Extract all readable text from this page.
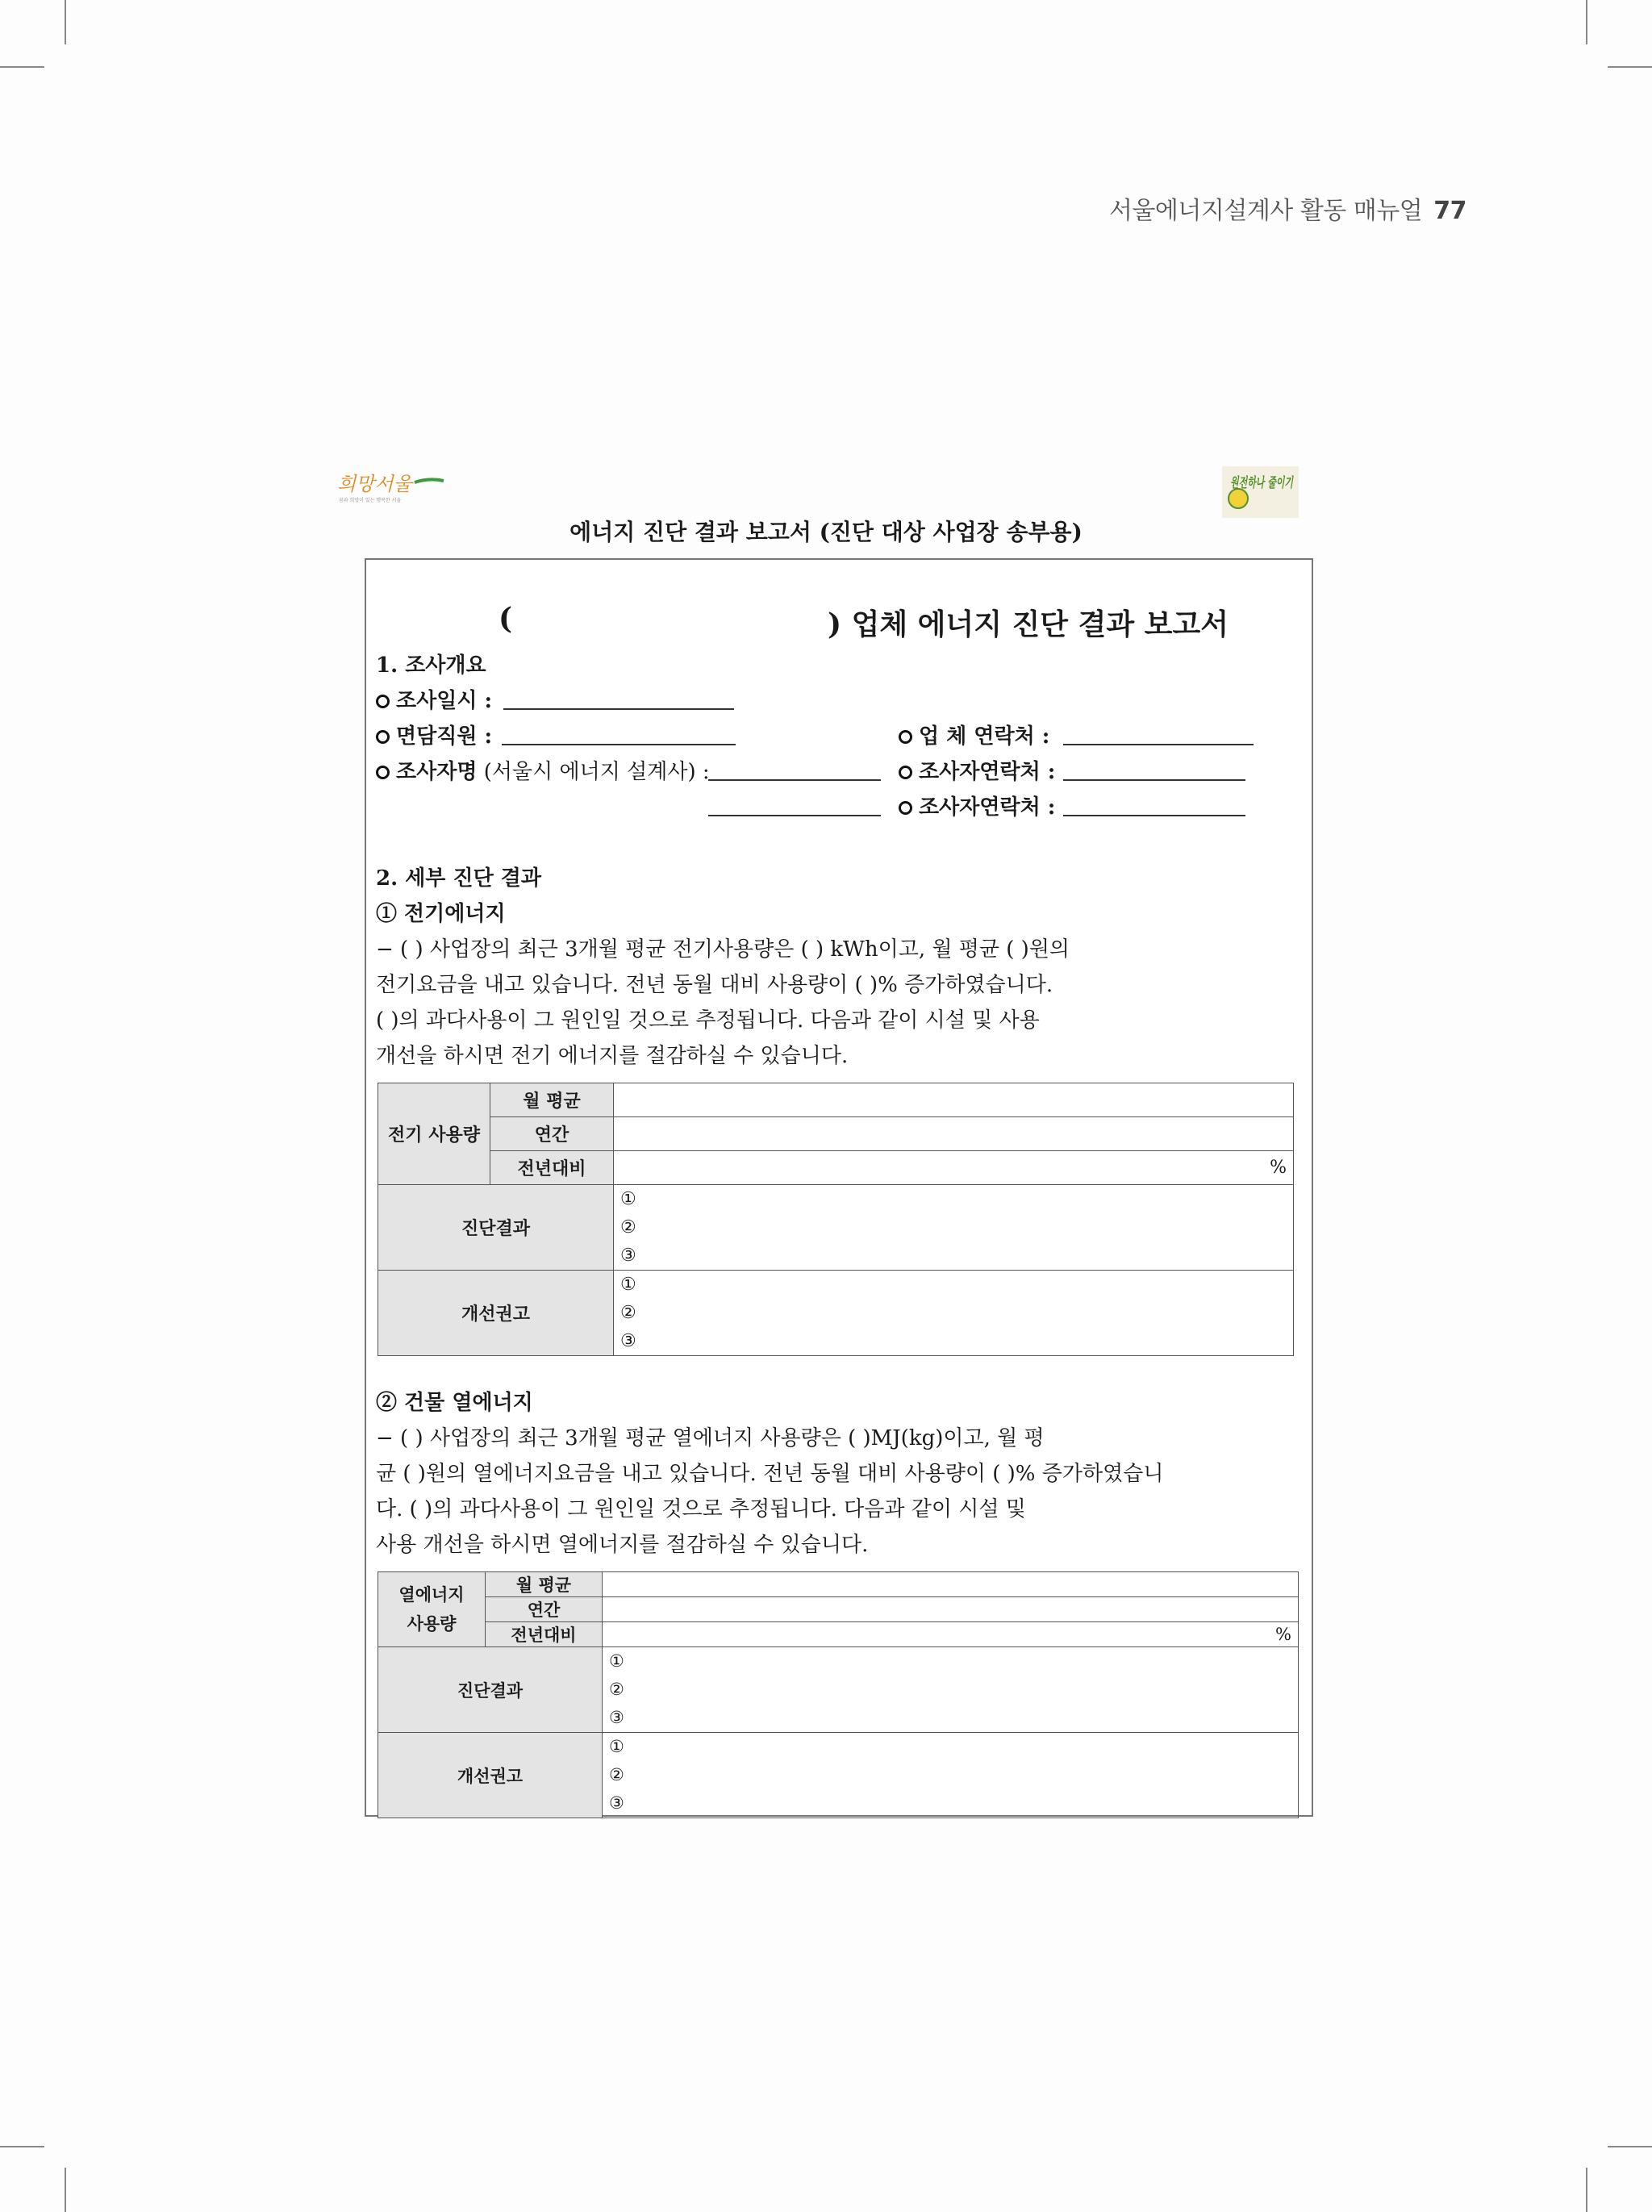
서울에너지설계사 활동 매뉴얼 77
희망서울
꿈과 희망이 있는 행복한 서울
원전하나 줄이기
에너지 진단 결과 보고서 (진단 대상 사업장 송부용)
(	) 업체 에너지 진단 결과 보고서
1. 조사개요
조사일시 :
면담직원 :	업 체 연락처 :
조사자명 (서울시 에너지 설계사) :	조사자연락처 :
조사자연락처 :
2. 세부 진단 결과
① 전기에너지
− ( ) 사업장의 최근 3개월 평균 전기사용량은 ( ) kWh이고, 월 평균 ( )원의
전기요금을 내고 있습니다. 전년 동월 대비 사용량이 ( )% 증가하였습니다.
( )의 과다사용이 그 원인일 것으로 추정됩니다. 다음과 같이 시설 및 사용
개선을 하시면 전기 에너지를 절감하실 수 있습니다.
전기 사용량	월 평균	
	연간	
	전년대비	%
진단결과		①
②
③

개선권고		①
②
③
② 건물 열에너지
− ( ) 사업장의 최근 3개월 평균 열에너지 사용량은 ( )MJ(kg)이고, 월 평
균 ( )원의 열에너지요금을 내고 있습니다. 전년 동월 대비 사용량이 ( )% 증가하였습니
다. ( )의 과다사용이 그 원인일 것으로 추정됩니다. 다음과 같이 시설 및
사용 개선을 하시면 열에너지를 절감하실 수 있습니다.
열에너지
사용량	월 평균	
	연간	
	전년대비	%
진단결과		①
②
③

개선권고		①
②
③
